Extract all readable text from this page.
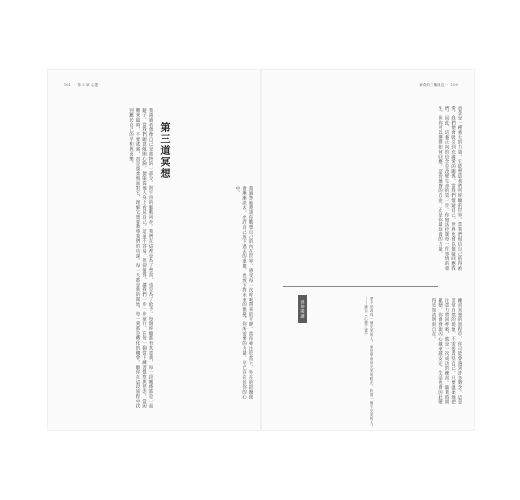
101 ・ 第 3 章 心靈
第三道冥想
我誠摯地邀請你觀想自己的內在世界，感受每一次呼吸帶來的平靜。當你專注於當下，外在的紛擾便會漸漸淡去。允許自己放下過去的重擔，也放下對未來的擔憂。你所需要的力量，早已存在於你的心中。
我請讀者想像自己是萬物的一部分，與宇宙的脈動同步。我們在這裡是為了學習，也是為了給予。每個經驗都有其意義，每一段關係都是一面鏡子。當我們願意敞開心胸，便能從他人身上看見自己。這並不容易，但卻值得。讓我們一步一步前行，在每一個當下練習覺察與慈悲。當困難來臨時，不要逃避，而是溫柔地面對它，理解它想要教導我們的功課。每一天都是新的開始，每一刻都是轉化的機會。願你在這段旅程中找到屬於自己的平和與喜樂。
神奇的三種訊息 ・ 100
意念是一種強大的力量，它能塑造我們所經驗的世界。當我們相信自己值得被愛，我們便會吸引到充滿愛的關係。當我們懷疑自己，世界也會以懷疑回應我們。因此，培養正向的信念是改變生命的第一步。你無法控制每一件事情的發生，但你可以選擇如何回應。這份選擇的自由，正是你最珍貴的力量。
延伸閱讀	愛不是尋找一個完美的人，而是學會用完美的眼光，欣賞一個不完美的人。——摘自《心靈之書》	練習冥想的過程中，你可能會遇到許多雜念。這是非常自然的現象，不需要責怪自己。只要溫柔地把注意力帶回呼吸，就是一次成功的練習。隨著時間累積，你會發現內心越來越安定，生活也會因此變得更加清明與自在。
